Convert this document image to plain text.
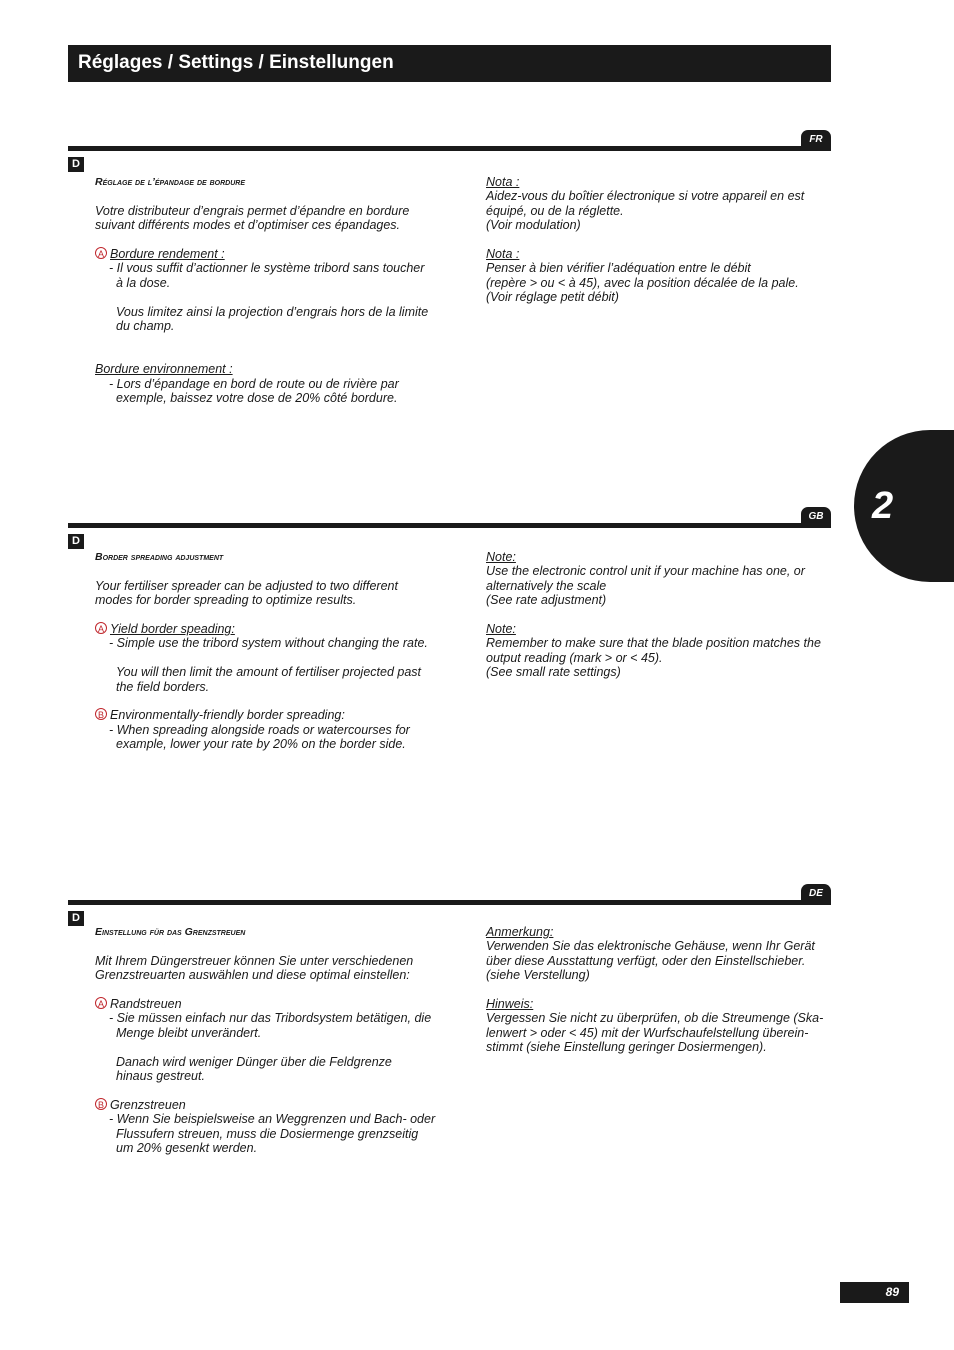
Réglages / Settings / Einstellungen
2
FR
D

Réglage de l’épandage de bordure

Votre distributeur d’engrais permet d’épandre en bordure

suivant différents modes et d’optimiser ces épandages.

A Bordure rendement :

- Il vous suffit d’actionner le système tribord sans toucher

à la dose.

Vous limitez ainsi la projection d’engrais hors de la limite

du champ.

Bordure environnement :

- Lors d’épandage en bord de route ou de rivière par

exemple, baissez votre dose de 20% côté bordure.

Nota :

Aidez-vous du boîtier électronique si votre appareil en est

équipé, ou de la réglette.

(Voir modulation)

Nota :

Penser à bien vérifier l’adéquation entre le débit

(repère > ou < à 45), avec la position décalée de la pale.

(Voir réglage petit débit)

GB
D

Border spreading adjustment

Your fertiliser spreader can be adjusted to two different

modes for border spreading to optimize results.

A Yield border speading:

- Simple use the tribord system without changing the rate.

You will then limit the amount of fertiliser projected past

the field borders.

B Environmentally-friendly border spreading:

- When spreading alongside roads or watercourses for

example, lower your rate by 20% on the border side.

Note:

Use the electronic control unit if your machine has one, or

alternatively the scale

(See rate adjustment)

Note:

Remember to make sure that the blade position matches the

output reading (mark > or < 45).

(See small rate settings)

DE
D

Einstellung für das Grenzstreuen

Mit Ihrem Düngerstreuer können Sie unter verschiedenen

Grenzstreuarten auswählen und diese optimal einstellen:

A Randstreuen

- Sie müssen einfach nur das Tribordsystem betätigen, die

Menge bleibt unverändert.

Danach wird weniger Dünger über die Feldgrenze

hinaus gestreut.

B Grenzstreuen

- Wenn Sie beispielsweise an Weggrenzen und Bach- oder

Flussufern streuen, muss die Dosiermenge grenzseitig

um 20% gesenkt werden.

Anmerkung:

Verwenden Sie das elektronische Gehäuse, wenn Ihr Gerät

über diese Ausstattung verfügt, oder den Einstellschieber.

(siehe Verstellung)

Hinweis:

Vergessen Sie nicht zu überprüfen, ob die Streumenge (Ska-

lenwert > oder < 45) mit der Wurfschaufelstellung überein-

stimmt (siehe Einstellung geringer Dosiermengen).

89
